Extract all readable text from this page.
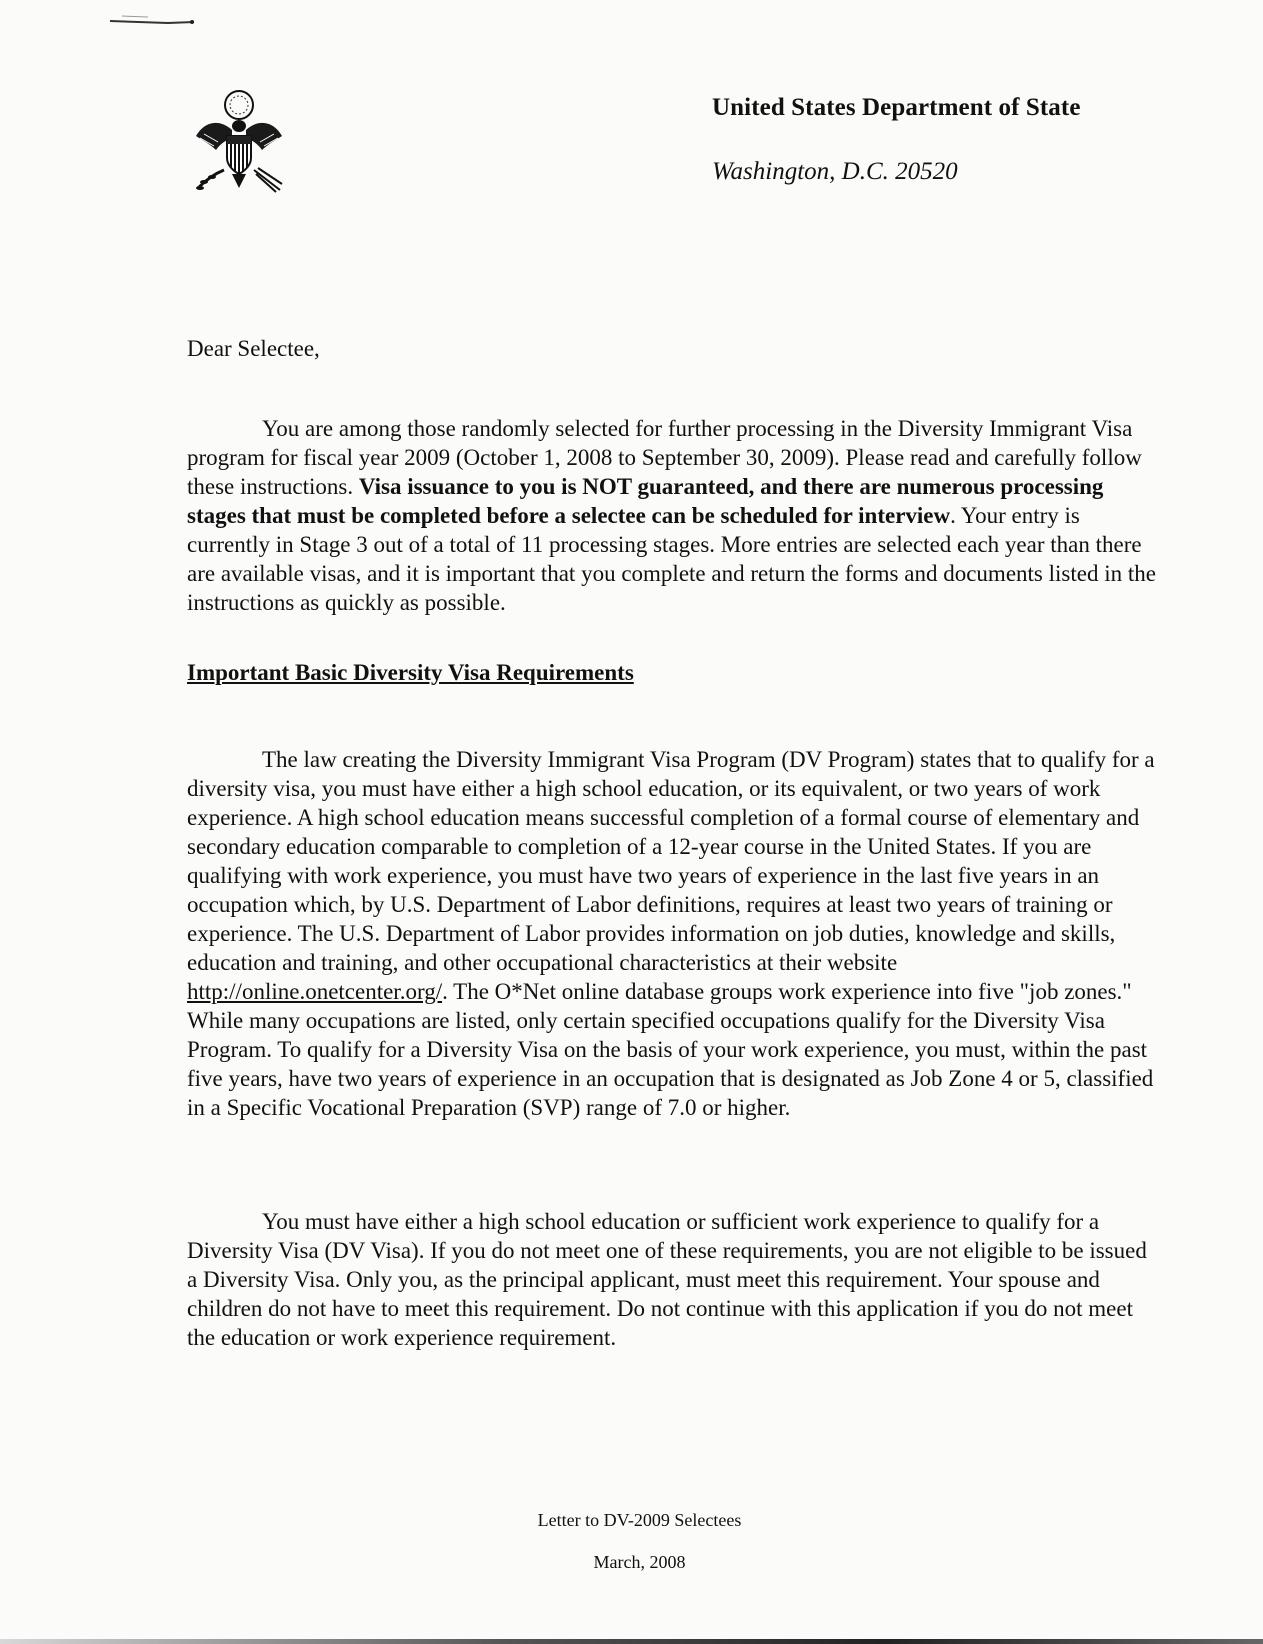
United States Department of State
Washington, D.C. 20520
Dear Selectee,

You are among those randomly selected for further processing in the Diversity Immigrant Visa program for fiscal year 2009 (October 1, 2008 to September 30, 2009). Please read and carefully follow these instructions. Visa issuance to you is NOT guaranteed, and there are numerous processing stages that must be completed before a selectee can be scheduled for interview. Your entry is currently in Stage 3 out of a total of 11 processing stages. More entries are selected each year than there are available visas, and it is important that you complete and return the forms and documents listed in the instructions as quickly as possible.

Important Basic Diversity Visa Requirements

The law creating the Diversity Immigrant Visa Program (DV Program) states that to qualify for a diversity visa, you must have either a high school education, or its equivalent, or two years of work experience. A high school education means successful completion of a formal course of elementary and secondary education comparable to completion of a 12-year course in the United States. If you are qualifying with work experience, you must have two years of experience in the last five years in an occupation which, by U.S. Department of Labor definitions, requires at least two years of training or experience. The U.S. Department of Labor provides information on job duties, knowledge and skills, education and training, and other occupational characteristics at their website http://online.onetcenter.org/. The O*Net online database groups work experience into five "job zones." While many occupations are listed, only certain specified occupations qualify for the Diversity Visa Program. To qualify for a Diversity Visa on the basis of your work experience, you must, within the past five years, have two years of experience in an occupation that is designated as Job Zone 4 or 5, classified in a Specific Vocational Preparation (SVP) range of 7.0 or higher.

You must have either a high school education or sufficient work experience to qualify for a Diversity Visa (DV Visa). If you do not meet one of these requirements, you are not eligible to be issued a Diversity Visa. Only you, as the principal applicant, must meet this requirement. Your spouse and children do not have to meet this requirement. Do not continue with this application if you do not meet the education or work experience requirement.

Letter to DV-2009 Selectees
March, 2008
